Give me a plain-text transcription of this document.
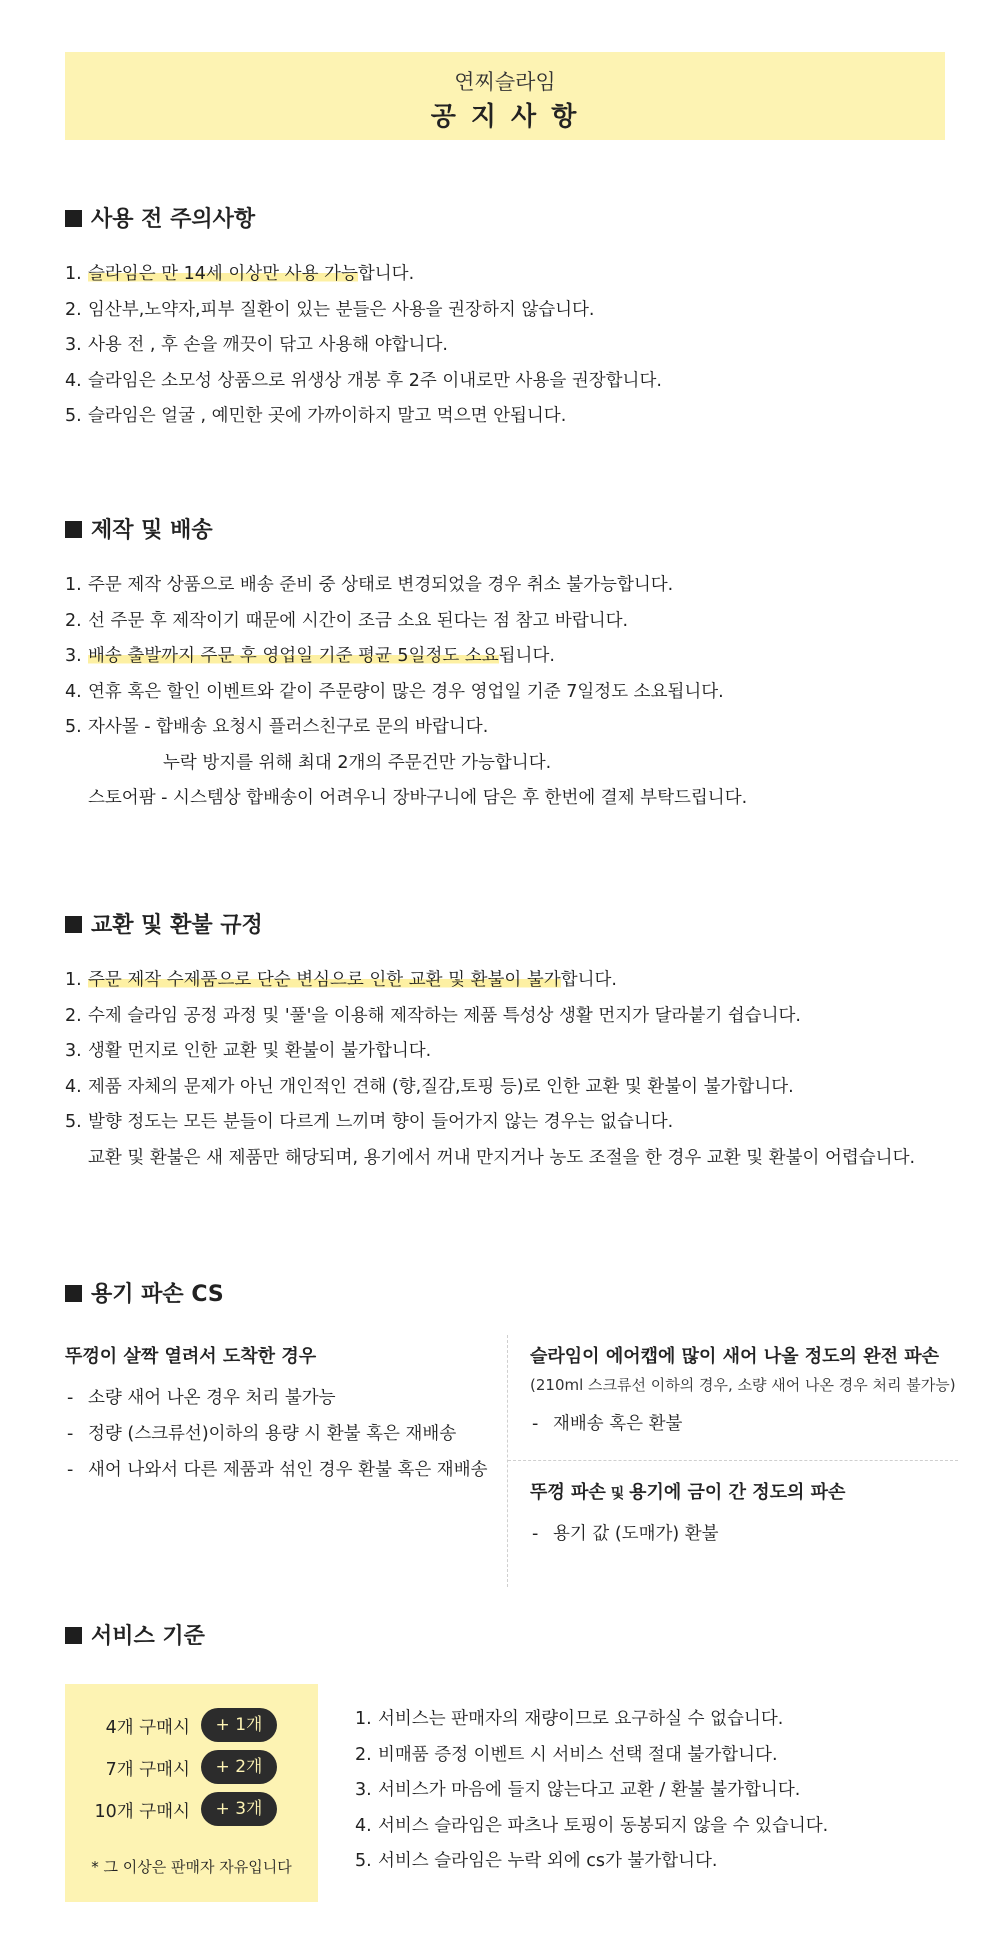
연찌슬라임
공 지 사 항
사용 전 주의사항
1. 슬라임은 만 14세 이상만 사용 가능합니다.
2. 임산부,노약자,피부 질환이 있는 분들은 사용을 권장하지 않습니다.
3. 사용 전 , 후 손을 깨끗이 닦고 사용해 야합니다.
4. 슬라임은 소모성 상품으로 위생상 개봉 후 2주 이내로만 사용을 권장합니다.
5. 슬라임은 얼굴 , 예민한 곳에 가까이하지 말고 먹으면 안됩니다.
제작 및 배송
1. 주문 제작 상품으로 배송 준비 중 상태로 변경되었을 경우 취소 불가능합니다.
2. 선 주문 후 제작이기 때문에 시간이 조금 소요 된다는 점 참고 바랍니다.
3. 배송 출발까지 주문 후 영업일 기준 평균 5일정도 소요됩니다.
4. 연휴 혹은 할인 이벤트와 같이 주문량이 많은 경우 영업일 기준 7일정도 소요됩니다.
5. 자사몰 - 합배송 요청시 플러스친구로 문의 바랍니다.
누락 방지를 위해 최대 2개의 주문건만 가능합니다.
스토어팜 - 시스템상 합배송이 어려우니 장바구니에 담은 후 한번에 결제 부탁드립니다.
교환 및 환불 규정
1. 주문 제작 수제품으로 단순 변심으로 인한 교환 및 환불이 불가합니다.
2. 수제 슬라임 공정 과정 및 '풀'을 이용해 제작하는 제품 특성상 생활 먼지가 달라붙기 쉽습니다.
3. 생활 먼지로 인한 교환 및 환불이 불가합니다.
4. 제품 자체의 문제가 아닌 개인적인 견해 (향,질감,토핑 등)로 인한 교환 및 환불이 불가합니다.
5. 발향 정도는 모든 분들이 다르게 느끼며 향이 들어가지 않는 경우는 없습니다.
교환 및 환불은 새 제품만 해당되며, 용기에서 꺼내 만지거나 농도 조절을 한 경우 교환 및 환불이 어렵습니다.
용기 파손 CS
뚜껑이 살짝 열려서 도착한 경우
- 소량 새어 나온 경우 처리 불가능
- 정량 (스크류선)이하의 용량 시 환불 혹은 재배송
- 새어 나와서 다른 제품과 섞인 경우 환불 혹은 재배송
슬라임이 에어캡에 많이 새어 나올 정도의 완전 파손
(210ml 스크류선 이하의 경우, 소량 새어 나온 경우 처리 불가능)
- 재배송 혹은 환불
뚜껑 파손 및 용기에 금이 간 정도의 파손
- 용기 값 (도매가) 환불
서비스 기준
4개 구매시	+ 1개
7개 구매시	+ 2개
10개 구매시	+ 3개
* 그 이상은 판매자 자유입니다
1. 서비스는 판매자의 재량이므로 요구하실 수 없습니다.
2. 비매품 증정 이벤트 시 서비스 선택 절대 불가합니다.
3. 서비스가 마음에 들지 않는다고 교환 / 환불 불가합니다.
4. 서비스 슬라임은 파츠나 토핑이 동봉되지 않을 수 있습니다.
5. 서비스 슬라임은 누락 외에 cs가 불가합니다.
